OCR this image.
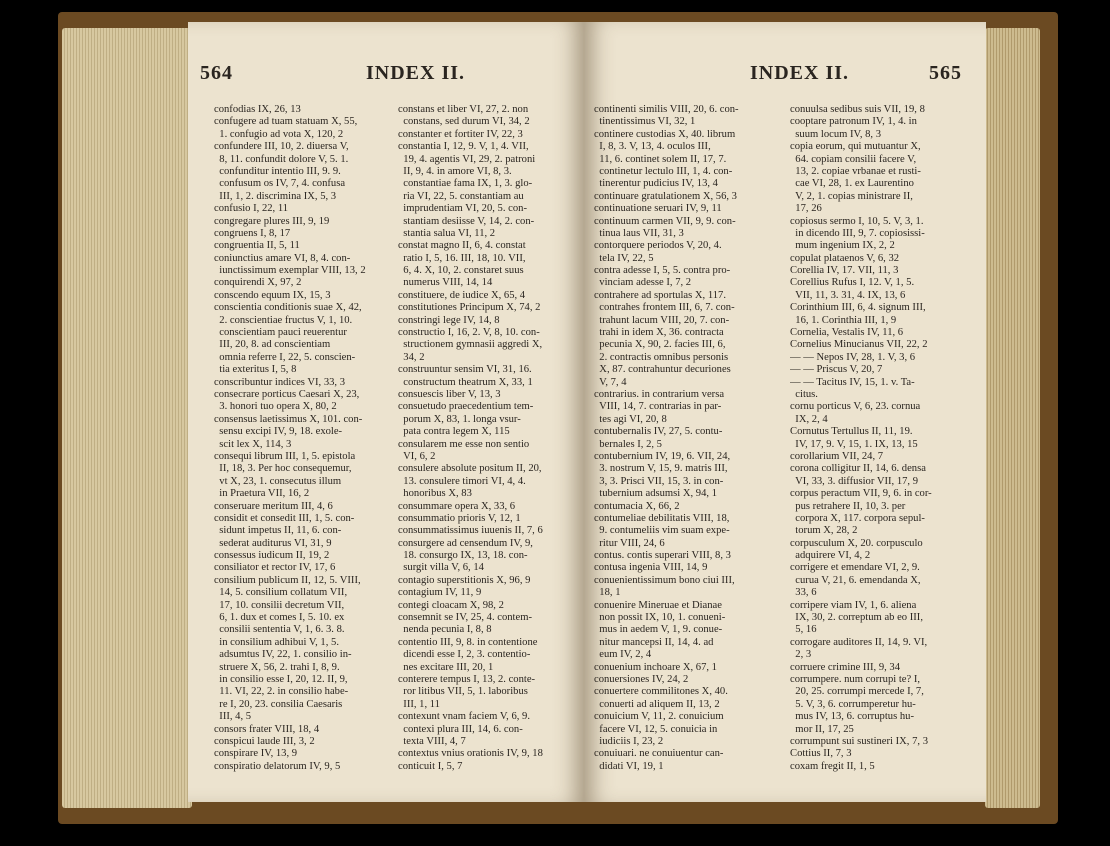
564	INDEX II.
confodias IX, 26, 13
confugere ad tuam statuam X, 55,
1. confugio ad vota X, 120, 2
confundere III, 10, 2. diuersa V,
8, 11. confundit dolore V, 5. 1.
confunditur intentio III, 9. 9.
confusum os IV, 7, 4. confusa
III, 1, 2. discrimina IX, 5, 3
confusio I, 22, 11
congregare plures III, 9, 19
congruens I, 8, 17
congruentia II, 5, 11
coniunctius amare VI, 8, 4. con-
iunctissimum exemplar VIII, 13, 2
conquirendi X, 97, 2
conscendo equum IX, 15, 3
conscientia conditionis suae X, 42,
2. conscientiae fructus V, 1, 10.
conscientiam pauci reuerentur
III, 20, 8. ad conscientiam
omnia referre I, 22, 5. conscien-
tia exteritus I, 5, 8
conscribuntur indices VI, 33, 3
consecrare porticus Caesari X, 23,
3. honori tuo opera X, 80, 2
consensus laetissimus X, 101. con-
sensu excipi IV, 9, 18. exole-
scit lex X, 114, 3
consequi librum III, 1, 5. epistola
II, 18, 3. Per hoc consequemur,
vt X, 23, 1. consecutus illum
in Praetura VII, 16, 2
conseruare meritum III, 4, 6
considit et consedit III, 1, 5. con-
sidunt impetus II, 11, 6. con-
sederat auditurus VI, 31, 9
consessus iudicum II, 19, 2
consiliator et rector IV, 17, 6
consilium publicum II, 12, 5. VIII,
14, 5. consilium collatum VII,
17, 10. consilii decretum VII,
6, 1. dux et comes I, 5. 10. ex
consilii sententia V, 1, 6. 3. 8.
in consilium adhibui V, 1, 5.
adsumtus IV, 22, 1. consilio in-
struere X, 56, 2. trahi I, 8, 9.
in consilio esse I, 20, 12. II, 9,
11. VI, 22, 2. in consilio habe-
re I, 20, 23. consilia Caesaris
III, 4, 5
consors frater VIII, 18, 4
conspicui laude III, 3, 2
conspirare IV, 13, 9
conspiratio delatorum IV, 9, 5
constans et liber VI, 27, 2. non
constans, sed durum VI, 34, 2
constanter et fortiter IV, 22, 3
constantia I, 12, 9. V, 1, 4. VII,
19, 4. agentis VI, 29, 2. patroni
II, 9, 4. in amore VI, 8, 3.
constantiae fama IX, 1, 3. glo-
ria VI, 22, 5. constantiam au
imprudentiam VI, 20, 5. con-
stantiam desiisse V, 14, 2. con-
stantia salua VI, 11, 2
constat magno II, 6, 4. constat
ratio I, 5, 16. III, 18, 10. VII,
6, 4. X, 10, 2. constaret suus
numerus VIII, 14, 14
constituere, de iudice X, 65, 4
constitutiones Principum X, 74, 2
constringi lege IV, 14, 8
constructio I, 16, 2. V, 8, 10. con-
structionem gymnasii aggredi X,
34, 2
construuntur sensim VI, 31, 16.
constructum theatrum X, 33, 1
consuescis liber V, 13, 3
consuetudo praecedentium tem-
porum X, 83, 1. longa vsur-
pata contra legem X, 115
consularem me esse non sentio
VI, 6, 2
consulere absolute positum II, 20,
13. consulere timori VI, 4, 4.
honoribus X, 83
consummare opera X, 33, 6
consummatio prioris V, 12, 1
consummatissimus iuuenis II, 7, 6
consurgere ad censendum IV, 9,
18. consurgo IX, 13, 18. con-
surgit villa V, 6, 14
contagio superstitionis X, 96, 9
contagium IV, 11, 9
contegi cloacam X, 98, 2
consemnit se IV, 25, 4. contem-
nenda pecunia I, 8, 8
contentio III, 9, 8. in contentione
dicendi esse I, 2, 3. contentio-
nes excitare III, 20, 1
conterere tempus I, 13, 2. conte-
ror litibus VII, 5, 1. laboribus
III, 1, 11
contexunt vnam faciem V, 6, 9.
contexi plura III, 14, 6. con-
texta VIII, 4, 7
contextus vnius orationis IV, 9, 18
conticuit I, 5, 7
INDEX II.	565
continenti similis VIII, 20, 6. con-
tinentissimus VI, 32, 1
continere custodias X, 40. librum
I, 8, 3. V, 13, 4. oculos III,
11, 6. continet solem II, 17, 7.
continetur lectulo III, 1, 4. con-
tinerentur pudicius IV, 13, 4
continuare gratulationem X, 56, 3
continuatione seruari IV, 9, 11
continuum carmen VII, 9, 9. con-
tinua laus VII, 31, 3
contorquere periodos V, 20, 4.
tela IV, 22, 5
contra adesse I, 5, 5. contra pro-
vinciam adesse I, 7, 2
contrahere ad sportulas X, 117.
contrahes frontem III, 6, 7. con-
trahunt lacum VIII, 20, 7. con-
trahi in idem X, 36. contracta
pecunia X, 90, 2. facies III, 6,
2. contractis omnibus personis
X, 87. contrahuntur decuriones
V, 7, 4
contrarius. in contrarium versa
VIII, 14, 7. contrarias in par-
tes agi VI, 20, 8
contubernalis IV, 27, 5. contu-
bernales I, 2, 5
contubernium IV, 19, 6. VII, 24,
3. nostrum V, 15, 9. matris III,
3, 3. Prisci VII, 15, 3. in con-
tubernium adsumsi X, 94, 1
contumacia X, 66, 2
contumeliae debilitatis VIII, 18,
9. contumeliis vim suam expe-
ritur VIII, 24, 6
contus. contis superari VIII, 8, 3
contusa ingenia VIII, 14, 9
conuenientissimum bono ciui III,
18, 1
conuenire Mineruae et Dianae
non possit IX, 10, 1. conueni-
mus in aedem V, 1, 9. conue-
nitur mancepsi II, 14, 4. ad
eum IV, 2, 4
conuenium inchoare X, 67, 1
conuersiones IV, 24, 2
conuertere commilitones X, 40.
conuerti ad aliquem II, 13, 2
conuicium V, 11, 2. conuicium
facere VI, 12, 5. conuicia in
iudiciis I, 23, 2
conuiuari. ne conuiuentur can-
didati VI, 19, 1
conuulsa sedibus suis VII, 19, 8
cooptare patronum IV, 1, 4. in
suum locum IV, 8, 3
copia eorum, qui mutuantur X,
64. copiam consilii facere V,
13, 2. copiae vrbanae et rusti-
cae VI, 28, 1. ex Laurentino
V, 2, 1. copias ministrare II,
17, 26
copiosus sermo I, 10, 5. V, 3, 1.
in dicendo III, 9, 7. copiosissi-
mum ingenium IX, 2, 2
copulat plataenos V, 6, 32
Corellia IV, 17. VII, 11, 3
Corellius Rufus I, 12. V, 1, 5.
VII, 11, 3. 31, 4. IX, 13, 6
Corinthium III, 6, 4. signum III,
16, 1. Corinthia III, 1, 9
Cornelia, Vestalis IV, 11, 6
Cornelius Minucianus VII, 22, 2
— — Nepos IV, 28, 1. V, 3, 6
— — Priscus V, 20, 7
— — Tacitus IV, 15, 1. v. Ta-
citus.
cornu porticus V, 6, 23. cornua
IX, 2, 4
Cornutus Tertullus II, 11, 19.
IV, 17, 9. V, 15, 1. IX, 13, 15
corollarium VII, 24, 7
corona colligitur II, 14, 6. densa
VI, 33, 3. diffusior VII, 17, 9
corpus peractum VII, 9, 6. in cor-
pus retrahere II, 10, 3. per
corpora X, 117. corpora sepul-
torum X, 28, 2
corpusculum X, 20. corpusculo
adquirere VI, 4, 2
corrigere et emendare VI, 2, 9.
curua V, 21, 6. emendanda X,
33, 6
corripere viam IV, 1, 6. aliena
IX, 30, 2. correptum ab eo III,
5, 16
corrogare auditores II, 14, 9. VI,
2, 3
corruere crimine III, 9, 34
corrumpere. num corrupi te? I,
20, 25. corrumpi mercede I, 7,
5. V, 3, 6. corrumperetur hu-
mus IV, 13, 6. corruptus hu-
mor II, 17, 25
corrumpunt sui sustineri IX, 7, 3
Cottius II, 7, 3
coxam fregit II, 1, 5
